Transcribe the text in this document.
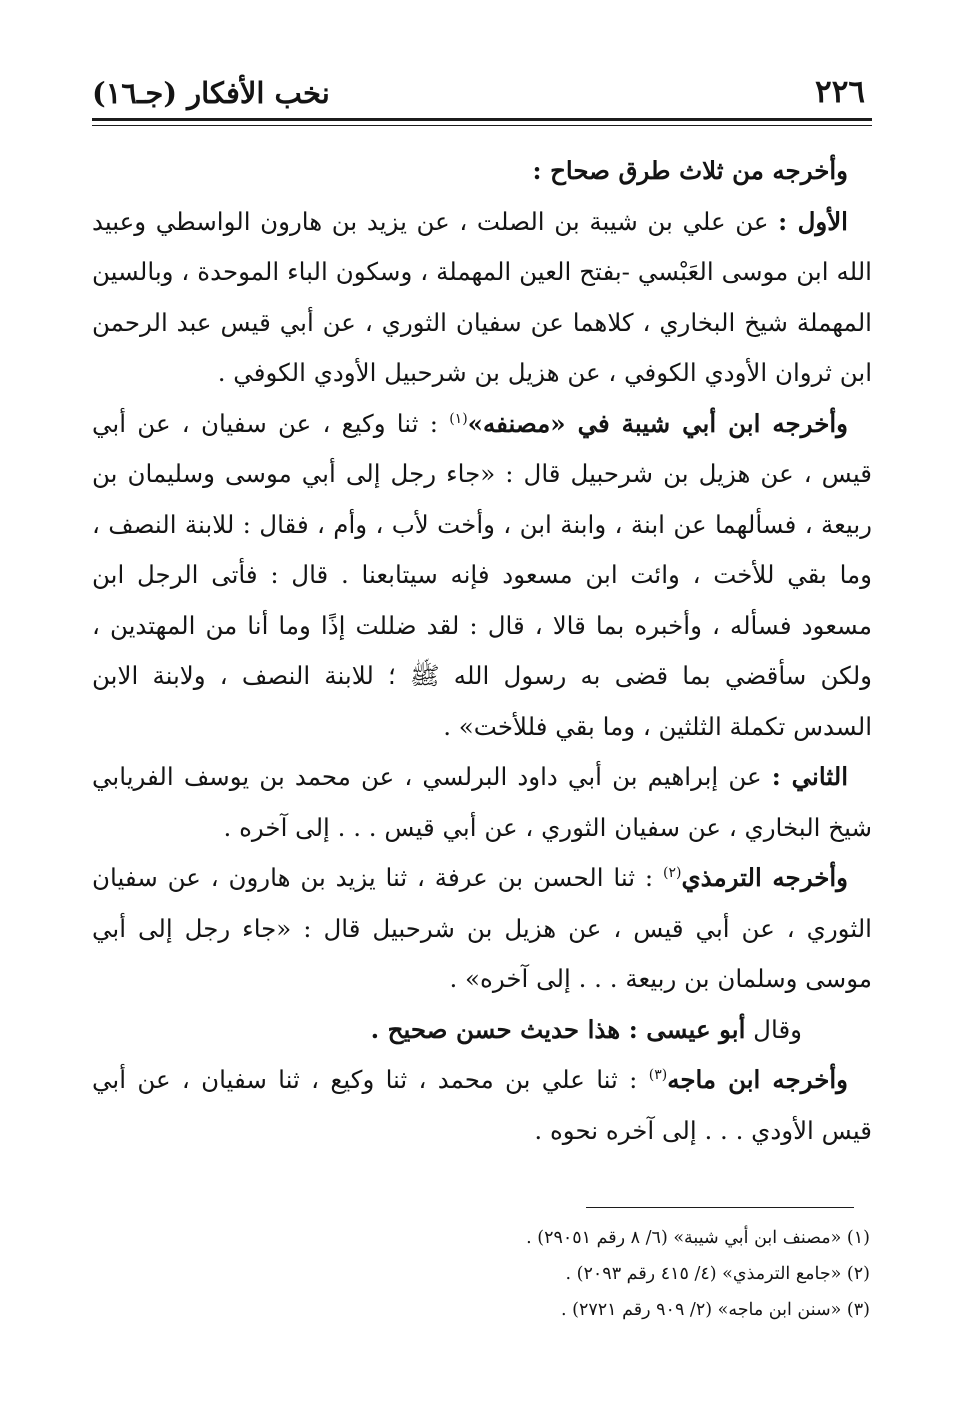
٢٢٦
نخب الأفكار (جـ١٦)

وأخرجه من ثلاث طرق صحاح :

الأول : عن علي بن شيبة بن الصلت ، عن يزيد بن هارون الواسطي وعبيد الله ابن موسى العَبْسي -بفتح العين المهملة ، وسكون الباء الموحدة ، وبالسين المهملة شيخ البخاري ، كلاهما عن سفيان الثوري ، عن أبي قيس عبد الرحمن ابن ثروان الأودي الكوفي ، عن هزيل بن شرحبيل الأودي الكوفي .

وأخرجه ابن أبي شيبة في «مصنفه»$^{(١)}$ : ثنا وكيع ، عن سفيان ، عن أبي قيس ، عن هزيل بن شرحبيل قال : «جاء رجل إلى أبي موسى وسليمان بن ربيعة ، فسألهما عن ابنة ، وابنة ابن ، وأخت لأب ، وأم ، فقال : للابنة النصف ، وما بقي للأخت ، وائت ابن مسعود فإنه سيتابعنا . قال : فأتى الرجل ابن مسعود فسأله ، وأخبره بما قالا ، قال : لقد ضللت إذًا وما أنا من المهتدين ، ولكن سأقضي بما قضى به رسول الله ﷺ ؛ للابنة النصف ، ولابنة الابن السدس تكملة الثلثين ، وما بقي فللأخت» .

الثاني : عن إبراهيم بن أبي داود البرلسي ، عن محمد بن يوسف الفريابي شيخ البخاري ، عن سفيان الثوري ، عن أبي قيس . . . إلى آخره .

وأخرجه الترمذي$^{(٢)}$ : ثنا الحسن بن عرفة ، ثنا يزيد بن هارون ، عن سفيان الثوري ، عن أبي قيس ، عن هزيل بن شرحبيل قال : «جاء رجل إلى أبي موسى وسلمان بن ربيعة . . . إلى آخره» .

وقال أبو عيسى : هذا حديث حسن صحيح .

وأخرجه ابن ماجه$^{(٣)}$ : ثنا علي بن محمد ، ثنا وكيع ، ثنا سفيان ، عن أبي قيس الأودي . . . إلى آخره نحوه .

(١) «مصنف ابن أبي شيبة» (٦/ ٨ رقم ٢٩٠٥١) .
(٢) «جامع الترمذي» (٤/ ٤١٥ رقم ٢٠٩٣) .
(٣) «سنن ابن ماجه» (٢/ ٩٠٩ رقم ٢٧٢١) .
